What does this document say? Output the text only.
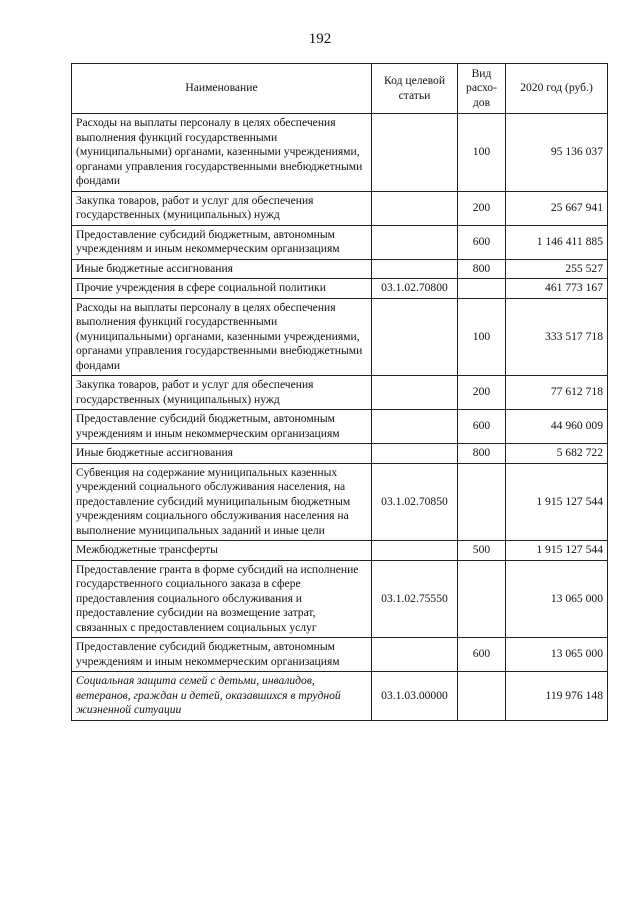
192
Наименование	Код целевой статьи	Вид расхо-дов	2020 год (руб.)
Расходы на выплаты персоналу в целях обеспечения выполнения функций государственными (муниципальными) органами, казенными учреждениями, органами управления государственными внебюджетными фондами		100	95 136 037
Закупка товаров, работ и услуг для обеспечения государственных (муниципальных) нужд		200	25 667 941
Предоставление субсидий бюджетным, автономным учреждениям и иным некоммерческим организациям		600	1 146 411 885
Иные бюджетные ассигнования		800	255 527
Прочие учреждения в сфере социальной политики	03.1.02.70800		461 773 167
Расходы на выплаты персоналу в целях обеспечения выполнения функций государственными (муниципальными) органами, казенными учреждениями, органами управления государственными внебюджетными фондами		100	333 517 718
Закупка товаров, работ и услуг для обеспечения государственных (муниципальных) нужд		200	77 612 718
Предоставление субсидий бюджетным, автономным учреждениям и иным некоммерческим организациям		600	44 960 009
Иные бюджетные ассигнования		800	5 682 722
Субвенция на содержание муниципальных казенных учреждений социального обслуживания населения, на предоставление субсидий муниципальным бюджетным учреждениям социального обслуживания населения на выполнение муниципальных заданий и иные цели	03.1.02.70850		1 915 127 544
Межбюджетные трансферты		500	1 915 127 544
Предоставление гранта в форме субсидий на исполнение государственного социального заказа в сфере предоставления социального обслуживания и предоставление субсидии на возмещение затрат, связанных с предоставлением социальных услуг	03.1.02.75550		13 065 000
Предоставление субсидий бюджетным, автономным учреждениям и иным некоммерческим организациям		600	13 065 000
Социальная защита семей с детьми, инвалидов, ветеранов, граждан и детей, оказавшихся в трудной жизненной ситуации	03.1.03.00000		119 976 148
